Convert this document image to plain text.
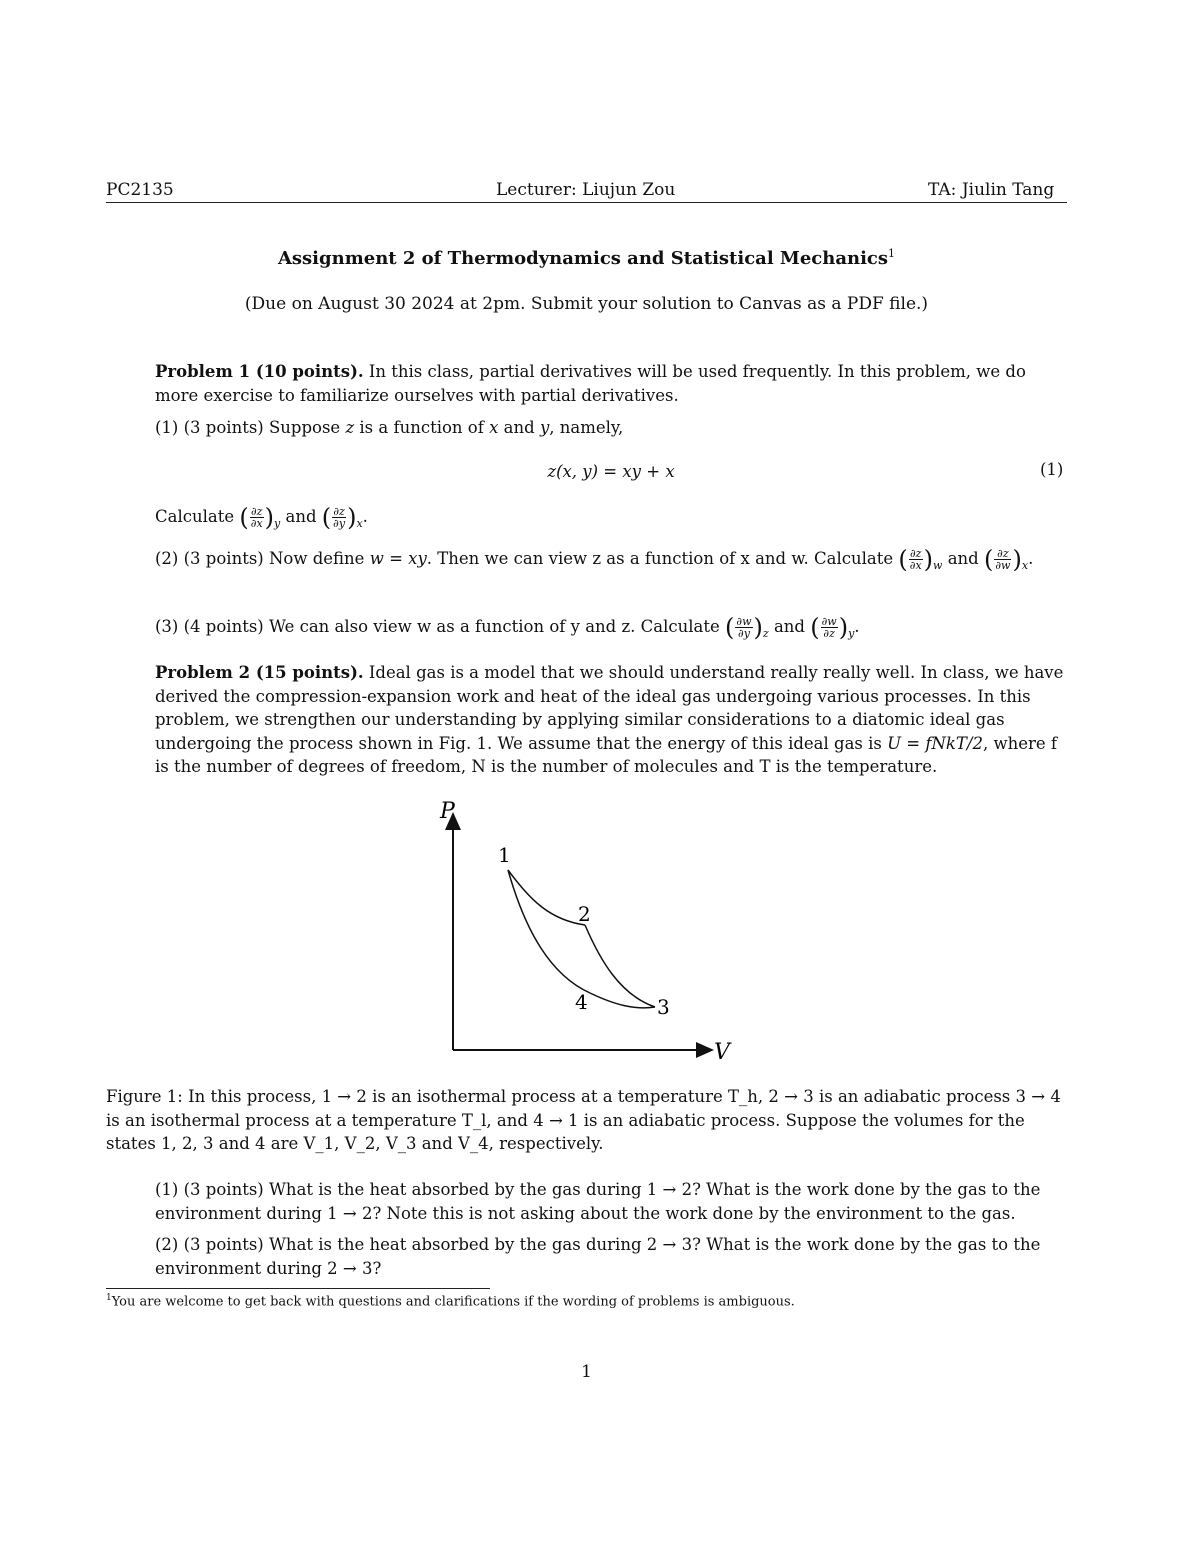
PC2135	Lecturer: Liujun Zou	TA: Jiulin Tang
Assignment 2 of Thermodynamics and Statistical Mechanics$^1$
(Due on August 30 2024 at 2pm. Submit your solution to Canvas as a PDF file.)
Problem 1 (10 points). In this class, partial derivatives will be used frequently. In this problem, we do more exercise to familiarize ourselves with partial derivatives.
(1) (3 points) Suppose z is a function of x and y, namely,
z(x, y) = xy + x	(1)
Calculate ( $\frac{\partial z}{\partial x} )_y$ and ( $\frac{\partial z}{\partial y} )_x$.
(2) (3 points) Now define w = xy. Then we can view z as a function of x and w. Calculate ( $\frac{\partial z}{\partial x} )_w$ and ( $\frac{\partial z}{\partial w} )_x$.
(3) (4 points) We can also view w as a function of y and z. Calculate ( $\frac{\partial w}{\partial y} )_z$ and ( $\frac{\partial w}{\partial z} )_y$.
Problem 2 (15 points). Ideal gas is a model that we should understand really really well. In class, we have derived the compression-expansion work and heat of the ideal gas undergoing various processes. In this problem, we strengthen our understanding by applying similar considerations to a diatomic ideal gas undergoing the process shown in Fig. 1. We assume that the energy of this ideal gas is U = fNkT/2, where f is the number of degrees of freedom, N is the number of molecules and T is the temperature.
P
V
1
2
3
4
Figure 1: In this process, 1 → 2 is an isothermal process at a temperature T_h, 2 → 3 is an adiabatic process 3 → 4 is an isothermal process at a temperature T_l, and 4 → 1 is an adiabatic process. Suppose the volumes for the states 1, 2, 3 and 4 are V_1, V_2, V_3 and V_4, respectively.
(1) (3 points) What is the heat absorbed by the gas during 1 → 2? What is the work done by the gas to the environment during 1 → 2? Note this is not asking about the work done by the environment to the gas.
(2) (3 points) What is the heat absorbed by the gas during 2 → 3? What is the work done by the gas to the environment during 2 → 3?
$^1$You are welcome to get back with questions and clarifications if the wording of problems is ambiguous.
1
